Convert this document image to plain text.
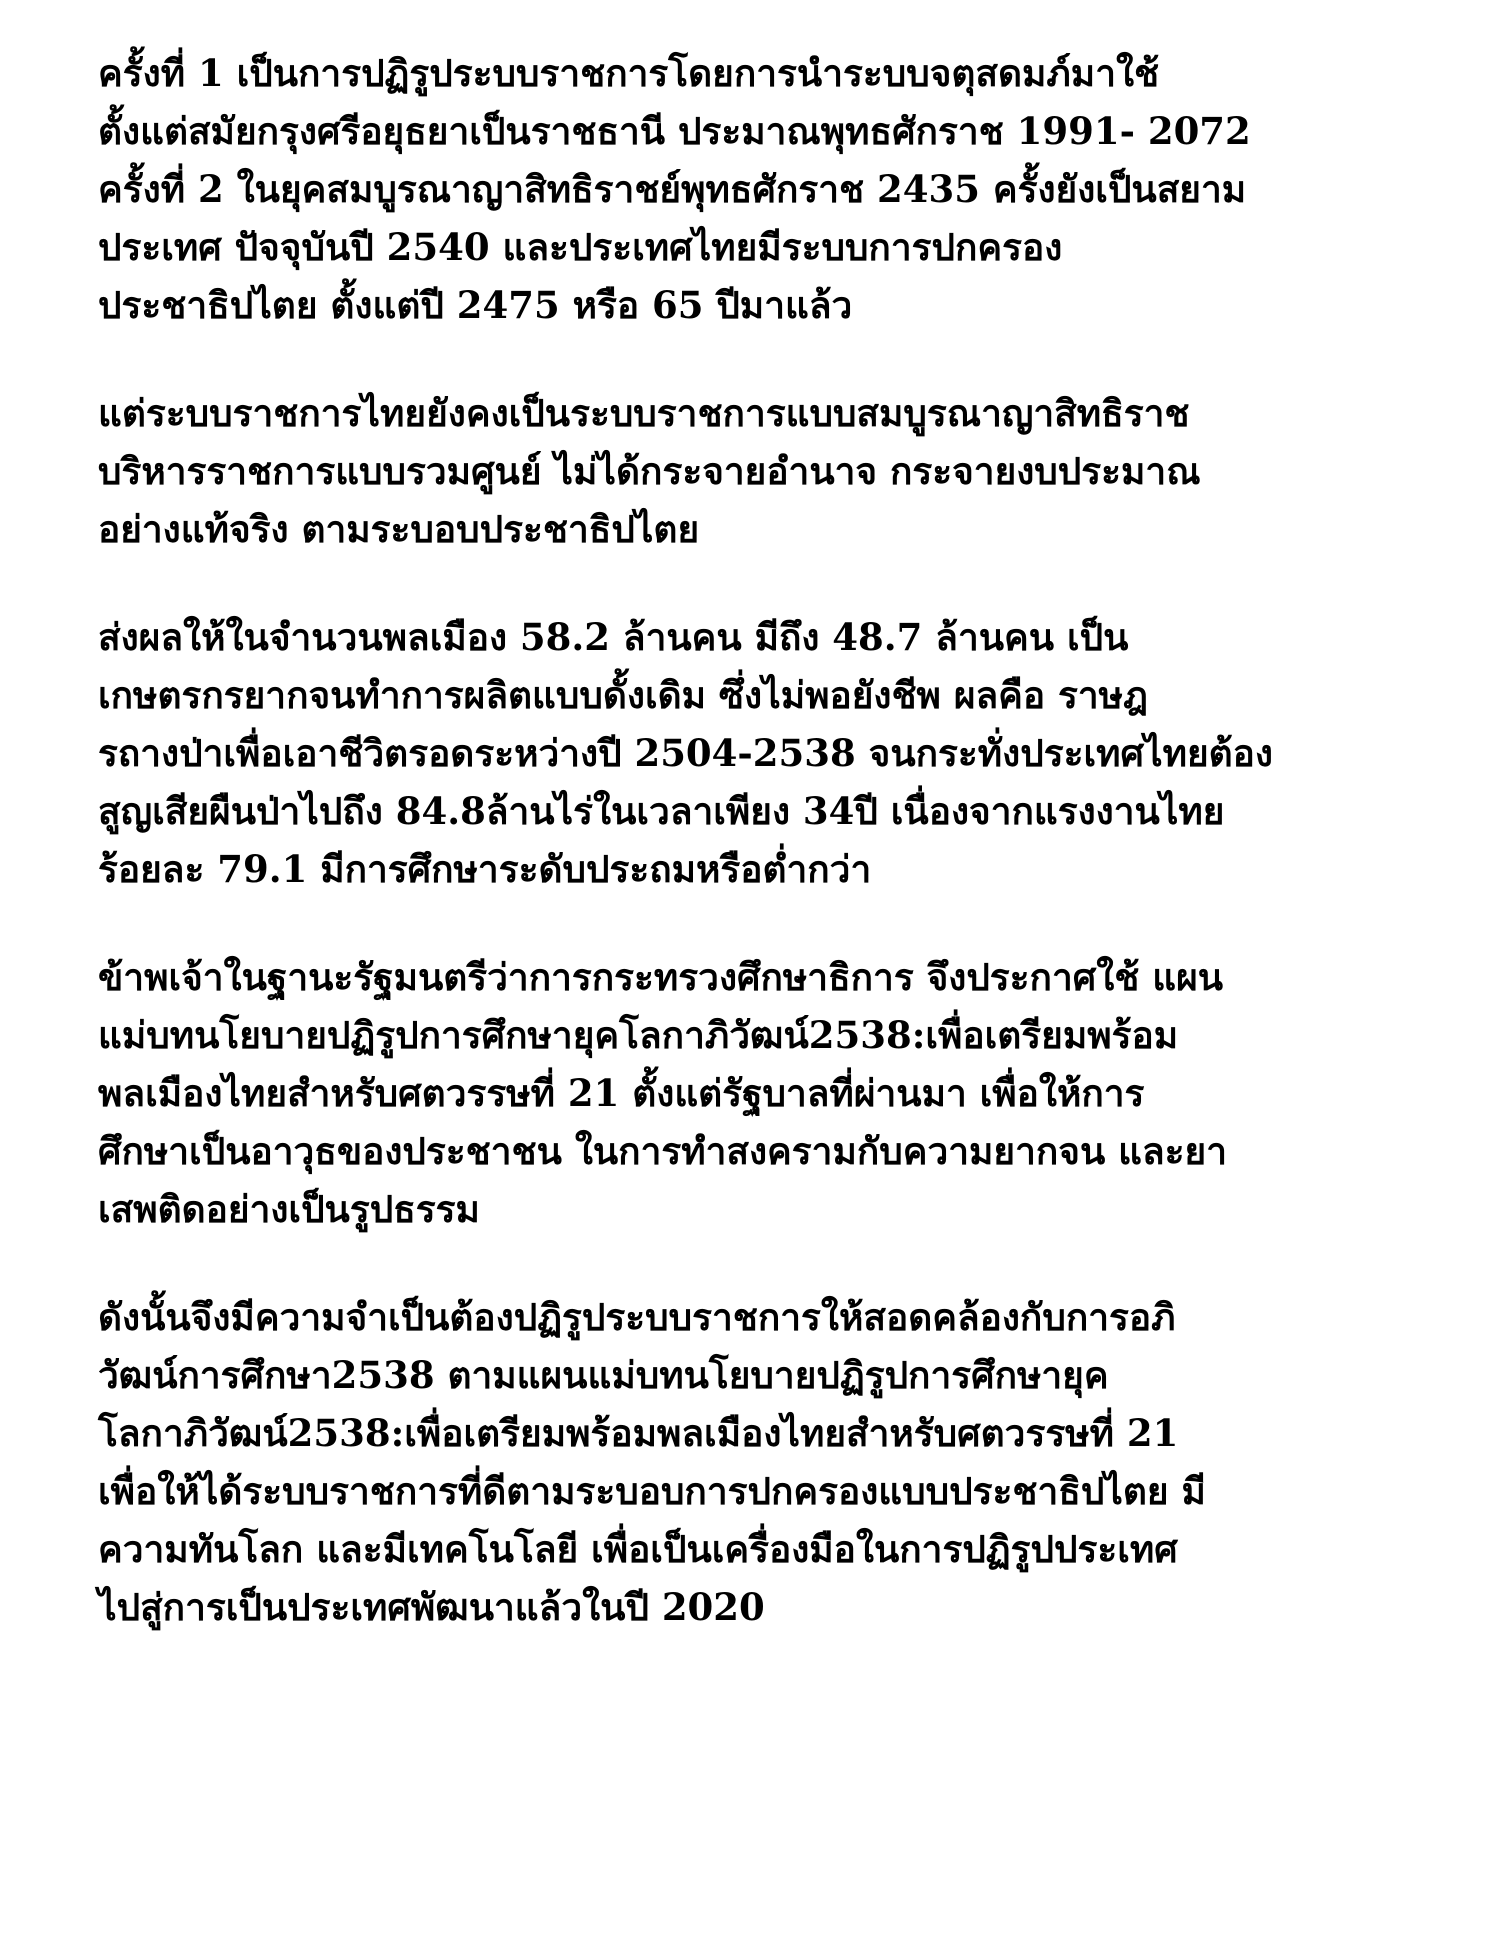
ครั้งที่ 1 เป็นการปฏิรูประบบราชการโดยการนำระบบจตุสดมภ์มาใช้
ตั้งแต่สมัยกรุงศรีอยุธยาเป็นราชธานี ประมาณพุทธศักราช 1991- 2072
ครั้งที่ 2 ในยุคสมบูรณาญาสิทธิราชย์พุทธศักราช 2435 ครั้งยังเป็นสยาม
ประเทศ ปัจจุบันปี 2540 และประเทศไทยมีระบบการปกครอง
ประชาธิปไตย ตั้งแต่ปี 2475 หรือ 65 ปีมาแล้ว
แต่ระบบราชการไทยยังคงเป็นระบบราชการแบบสมบูรณาญาสิทธิราช
บริหารราชการแบบรวมศูนย์ ไม่ได้กระจายอำนาจ กระจายงบประมาณ
อย่างแท้จริง ตามระบอบประชาธิปไตย
ส่งผลให้ในจำนวนพลเมือง 58.2 ล้านคน มีถึง 48.7 ล้านคน เป็น
เกษตรกรยากจนทำการผลิตแบบดั้งเดิม ซึ่งไม่พอยังชีพ ผลคือ ราษฎ
รถางป่าเพื่อเอาชีวิตรอดระหว่างปี 2504-2538 จนกระทั่งประเทศไทยต้อง
สูญเสียผืนป่าไปถึง 84.8ล้านไร่ในเวลาเพียง 34ปี เนื่องจากแรงงานไทย
ร้อยละ 79.1 มีการศึกษาระดับประถมหรือต่ำกว่า
ข้าพเจ้าในฐานะรัฐมนตรีว่าการกระทรวงศึกษาธิการ จึงประกาศใช้ แผน
แม่บทนโยบายปฏิรูปการศึกษายุคโลกาภิวัฒน์2538:เพื่อเตรียมพร้อม
พลเมืองไทยสำหรับศตวรรษที่ 21 ตั้งแต่รัฐบาลที่ผ่านมา เพื่อให้การ
ศึกษาเป็นอาวุธของประชาชน ในการทำสงครามกับความยากจน และยา
เสพติดอย่างเป็นรูปธรรม
ดังนั้นจึงมีความจำเป็นต้องปฏิรูประบบราชการให้สอดคล้องกับการอภิ
วัฒน์การศึกษา2538 ตามแผนแม่บทนโยบายปฏิรูปการศึกษายุค
โลกาภิวัฒน์2538:เพื่อเตรียมพร้อมพลเมืองไทยสำหรับศตวรรษที่ 21
เพื่อให้ได้ระบบราชการที่ดีตามระบอบการปกครองแบบประชาธิปไตย มี
ความทันโลก และมีเทคโนโลยี เพื่อเป็นเครื่องมือในการปฏิรูปประเทศ
ไปสู่การเป็นประเทศพัฒนาแล้วในปี 2020
